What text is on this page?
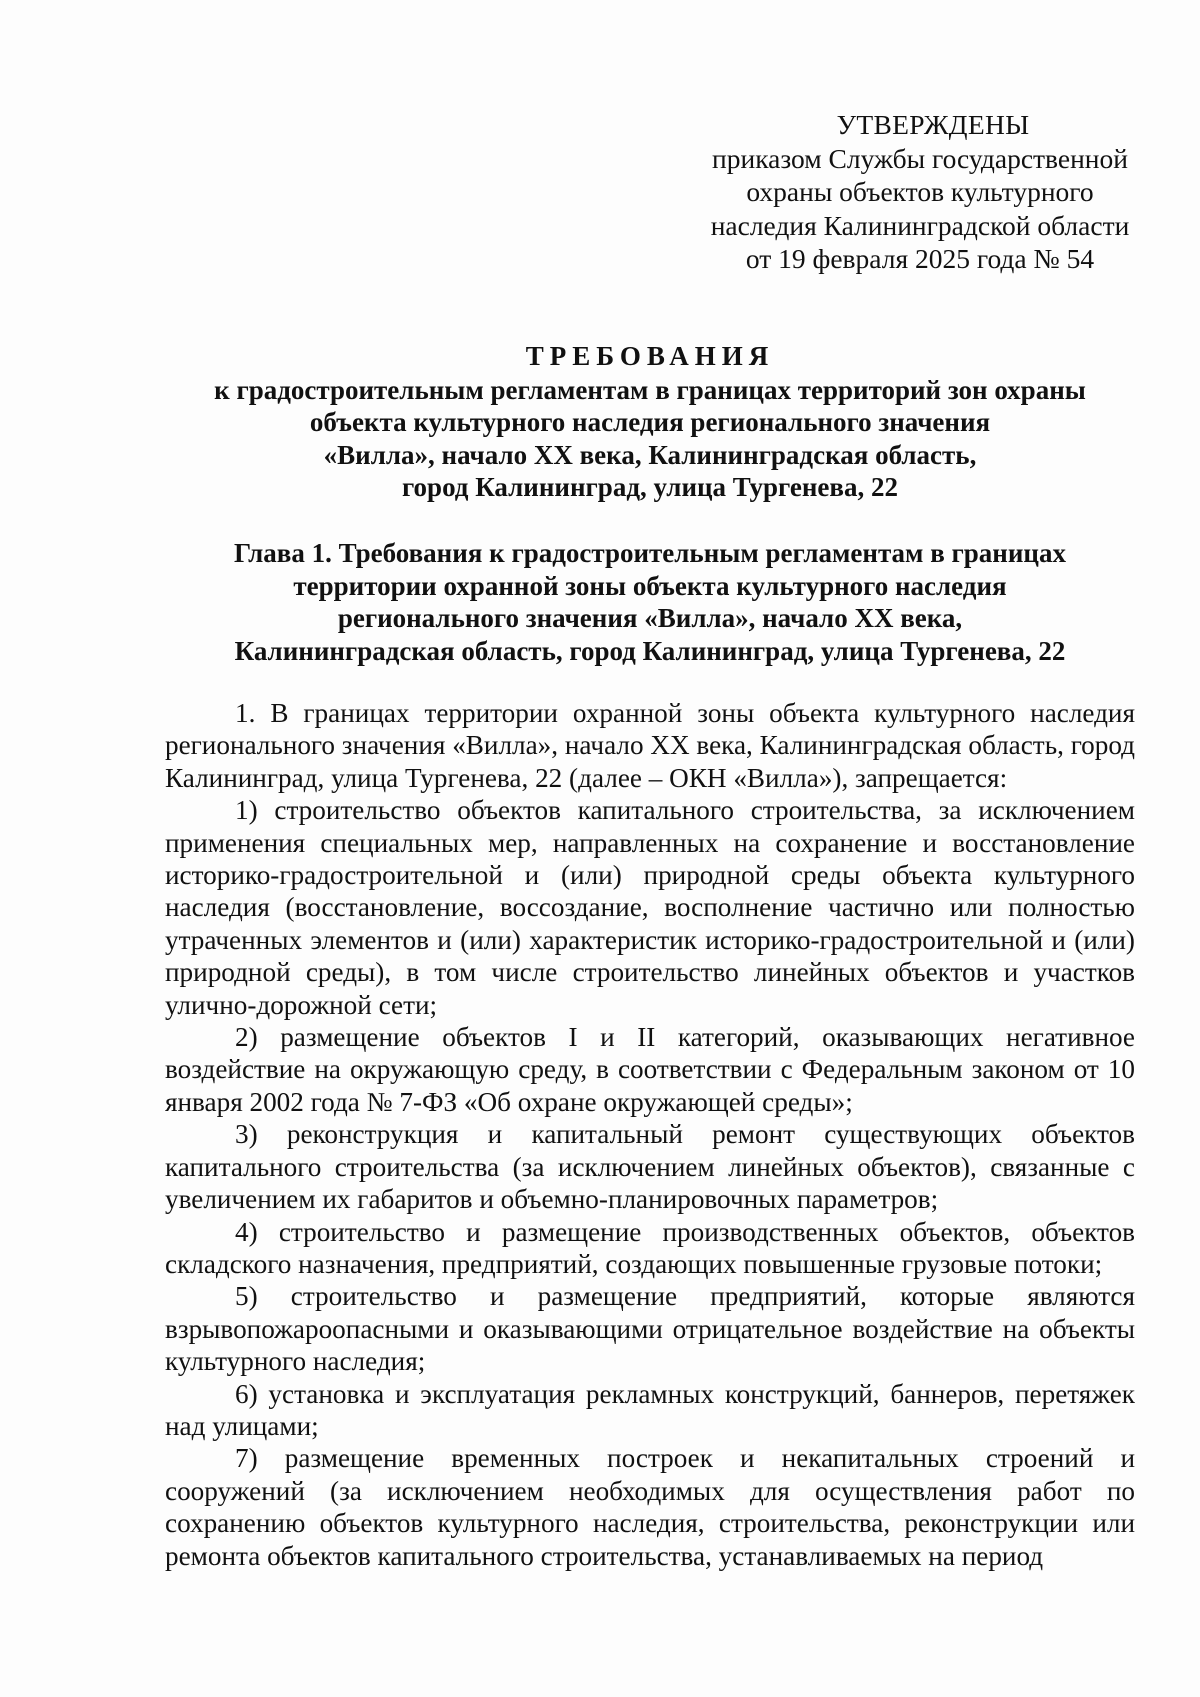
УТВЕРЖДЕНЫ
приказом Службы государственной
охраны объектов культурного
наследия Калининградской области
от 19 февраля 2025 года № 54
ТРЕБОВАНИЯ
к градостроительным регламентам в границах территорий зон охраны
объекта культурного наследия регионального значения
«Вилла», начало XX века, Калининградская область,
город Калининград, улица Тургенева, 22
Глава 1. Требования к градостроительным регламентам в границах
территории охранной зоны объекта культурного наследия
регионального значения «Вилла», начало XX века,
Калининградская область, город Калининград, улица Тургенева, 22

1. В границах территории охранной зоны объекта культурного наследия регионального значения «Вилла», начало XX века, Калининградская область, город Калининград, улица Тургенева, 22 (далее – ОКН «Вилла»), запрещается:

1) строительство объектов капитального строительства, за исключением применения специальных мер, направленных на сохранение и восстановление историко-градостроительной и (или) природной среды объекта культурного наследия (восстановление, воссоздание, восполнение частично или полностью утраченных элементов и (или) характеристик историко-градостроительной и (или) природной среды), в том числе строительство линейных объектов и участков улично-дорожной сети;

2) размещение объектов I и II категорий, оказывающих негативное воздействие на окружающую среду, в соответствии с Федеральным законом от 10 января 2002 года № 7-ФЗ «Об охране окружающей среды»;

3) реконструкция и капитальный ремонт существующих объектов капитального строительства (за исключением линейных объектов), связанные с увеличением их габаритов и объемно-планировочных параметров;

4) строительство и размещение производственных объектов, объектов складского назначения, предприятий, создающих повышенные грузовые потоки;

5) строительство и размещение предприятий, которые являются взрывопожароопасными и оказывающими отрицательное воздействие на объекты культурного наследия;

6) установка и эксплуатация рекламных конструкций, баннеров, перетяжек над улицами;

7) размещение временных построек и некапитальных строений и сооружений (за исключением необходимых для осуществления работ по сохранению объектов культурного наследия, строительства, реконструкции или ремонта объектов капитального строительства, устанавливаемых на период
